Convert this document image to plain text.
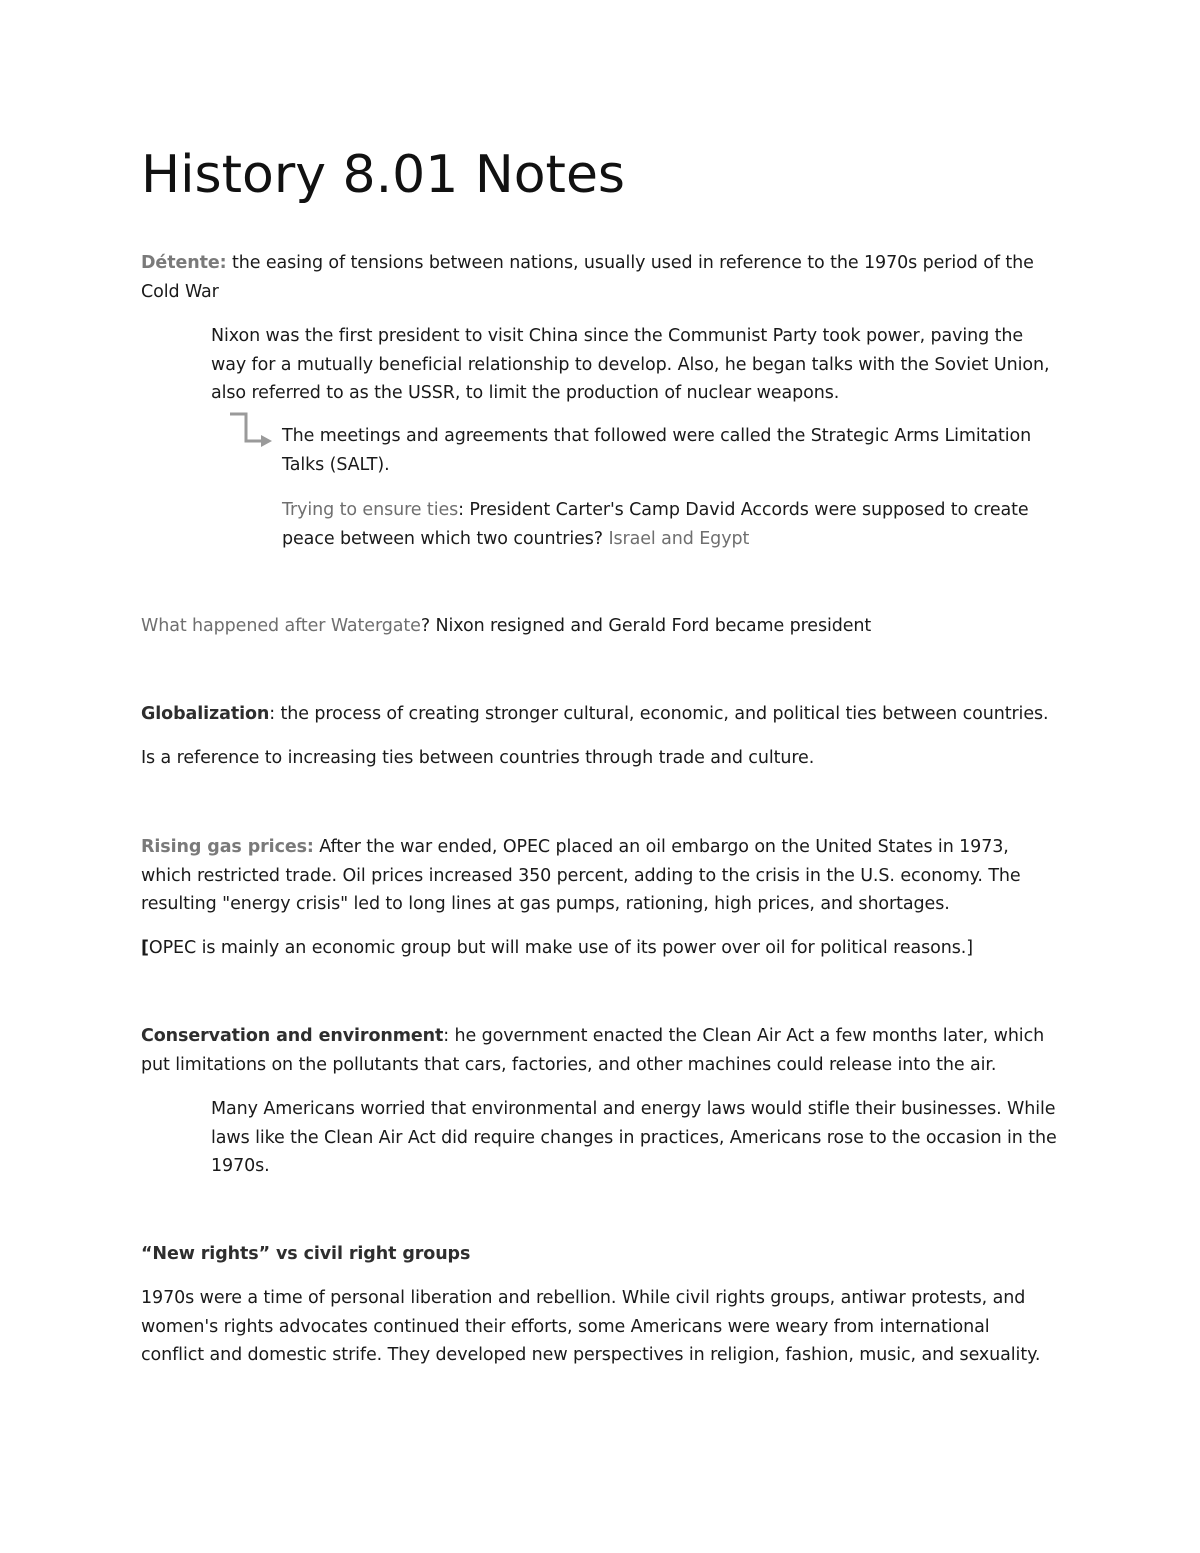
History 8.01 Notes

Détente: the easing of tensions between nations, usually used in reference to the 1970s period of the
Cold War

Nixon was the first president to visit China since the Communist Party took power, paving the way for a mutually beneficial relationship to develop. Also, he began talks with the Soviet Union, also referred to as the USSR, to limit the production of nuclear weapons.

The meetings and agreements that followed were called the Strategic Arms Limitation Talks (SALT).

Trying to ensure ties: President Carter's Camp David Accords were supposed to create peace between which two countries? Israel and Egypt

What happened after Watergate? Nixon resigned and Gerald Ford became president

Globalization: the process of creating stronger cultural, economic, and political ties between countries.

Is a reference to increasing ties between countries through trade and culture.

Rising gas prices: After the war ended, OPEC placed an oil embargo on the United States in 1973, which restricted trade. Oil prices increased 350 percent, adding to the crisis in the U.S. economy. The resulting "energy crisis" led to long lines at gas pumps, rationing, high prices, and shortages.

[OPEC is mainly an economic group but will make use of its power over oil for political reasons.]

Conservation and environment: he government enacted the Clean Air Act a few months later, which put limitations on the pollutants that cars, factories, and other machines could release into the air.

Many Americans worried that environmental and energy laws would stifle their businesses. While laws like the Clean Air Act did require changes in practices, Americans rose to the occasion in the 1970s.

“New rights” vs civil right groups

1970s were a time of personal liberation and rebellion. While civil rights groups, antiwar protests, and women's rights advocates continued their efforts, some Americans were weary from international conflict and domestic strife. They developed new perspectives in religion, fashion, music, and sexuality.
